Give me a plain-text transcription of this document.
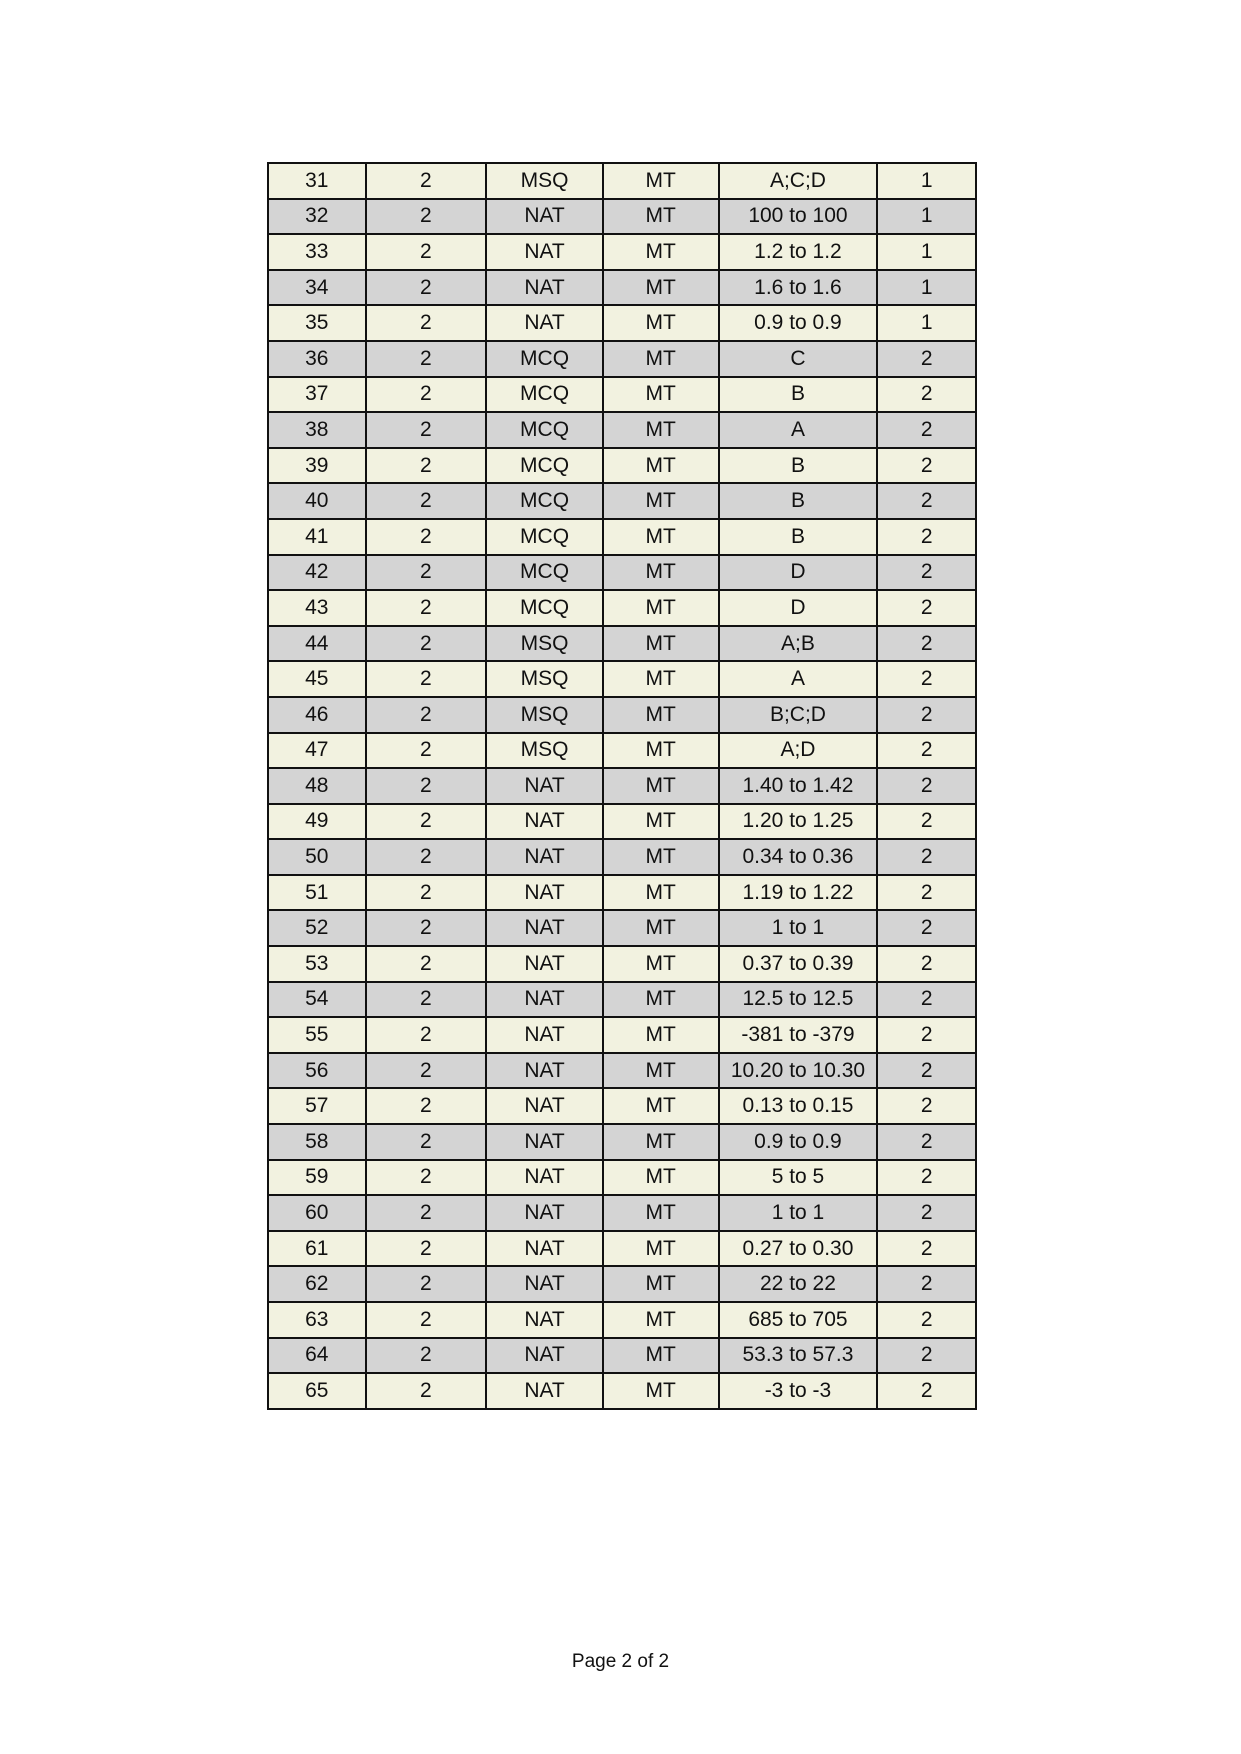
31	2	MSQ	MT	A;C;D	1
32	2	NAT	MT	100 to 100	1
33	2	NAT	MT	1.2 to 1.2	1
34	2	NAT	MT	1.6 to 1.6	1
35	2	NAT	MT	0.9 to 0.9	1
36	2	MCQ	MT	C	2
37	2	MCQ	MT	B	2
38	2	MCQ	MT	A	2
39	2	MCQ	MT	B	2
40	2	MCQ	MT	B	2
41	2	MCQ	MT	B	2
42	2	MCQ	MT	D	2
43	2	MCQ	MT	D	2
44	2	MSQ	MT	A;B	2
45	2	MSQ	MT	A	2
46	2	MSQ	MT	B;C;D	2
47	2	MSQ	MT	A;D	2
48	2	NAT	MT	1.40 to 1.42	2
49	2	NAT	MT	1.20 to 1.25	2
50	2	NAT	MT	0.34 to 0.36	2
51	2	NAT	MT	1.19 to 1.22	2
52	2	NAT	MT	1 to 1	2
53	2	NAT	MT	0.37 to 0.39	2
54	2	NAT	MT	12.5 to 12.5	2
55	2	NAT	MT	-381 to -379	2
56	2	NAT	MT	10.20 to 10.30	2
57	2	NAT	MT	0.13 to 0.15	2
58	2	NAT	MT	0.9 to 0.9	2
59	2	NAT	MT	5 to 5	2
60	2	NAT	MT	1 to 1	2
61	2	NAT	MT	0.27 to 0.30	2
62	2	NAT	MT	22 to 22	2
63	2	NAT	MT	685 to 705	2
64	2	NAT	MT	53.3 to 57.3	2
65	2	NAT	MT	-3 to -3	2
Page 2 of 2
